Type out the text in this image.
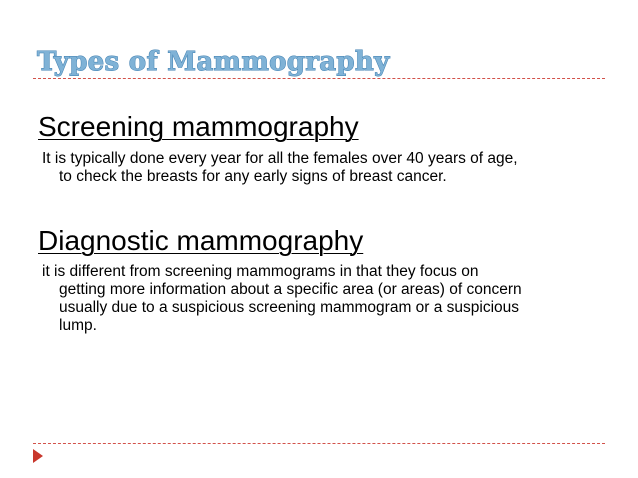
Types of Mammography
Screening mammography
It is typically done every year for all the females over 40 years of age, to check the breasts for any early signs of breast cancer.
Diagnostic mammography
it is different from screening mammograms in that they focus on getting more information about a specific area (or areas) of concern usually due to a suspicious screening mammogram or a suspicious lump.
